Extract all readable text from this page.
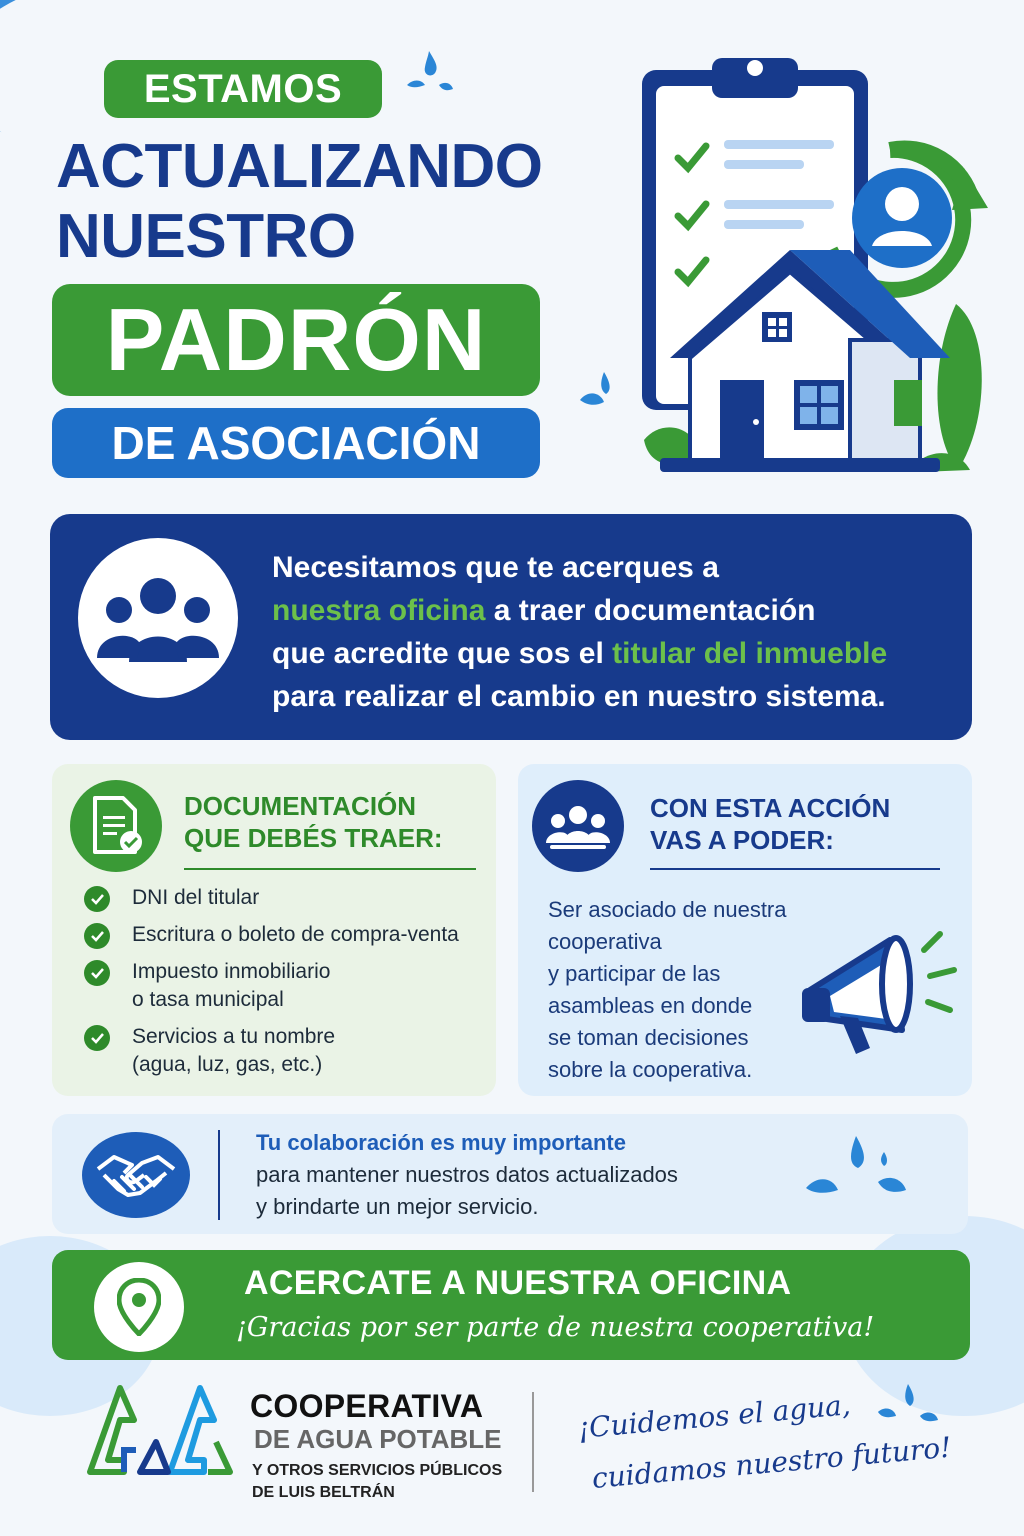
ESTAMOS
ACTUALIZANDO
NUESTRO
PADRÓN
DE ASOCIACIÓN
Necesitamos que te acerques a
nuestra oficina a traer documentación
que acredite que sos el titular del inmueble
para realizar el cambio en nuestro sistema.
DOCUMENTACIÓN
QUE DEBÉS TRAER:
DNI del titular
Escritura o boleto de compra-venta
Impuesto inmobiliario
o tasa municipal
Servicios a tu nombre
(agua, luz, gas, etc.)
CON ESTA ACCIÓN
VAS A PODER:
Ser asociado de nuestra
cooperativa
y participar de las
asambleas en donde
se toman decisiones
sobre la cooperativa.
Tu colaboración es muy importante
para mantener nuestros datos actualizados
y brindarte un mejor servicio.
ACERCATE A NUESTRA OFICINA
¡Gracias por ser parte de nuestra cooperativa!
COOPERATIVA
DE AGUA POTABLE
Y OTROS SERVICIOS PÚBLICOS
DE LUIS BELTRÁN
¡Cuidemos el agua,
cuidamos nuestro futuro!
